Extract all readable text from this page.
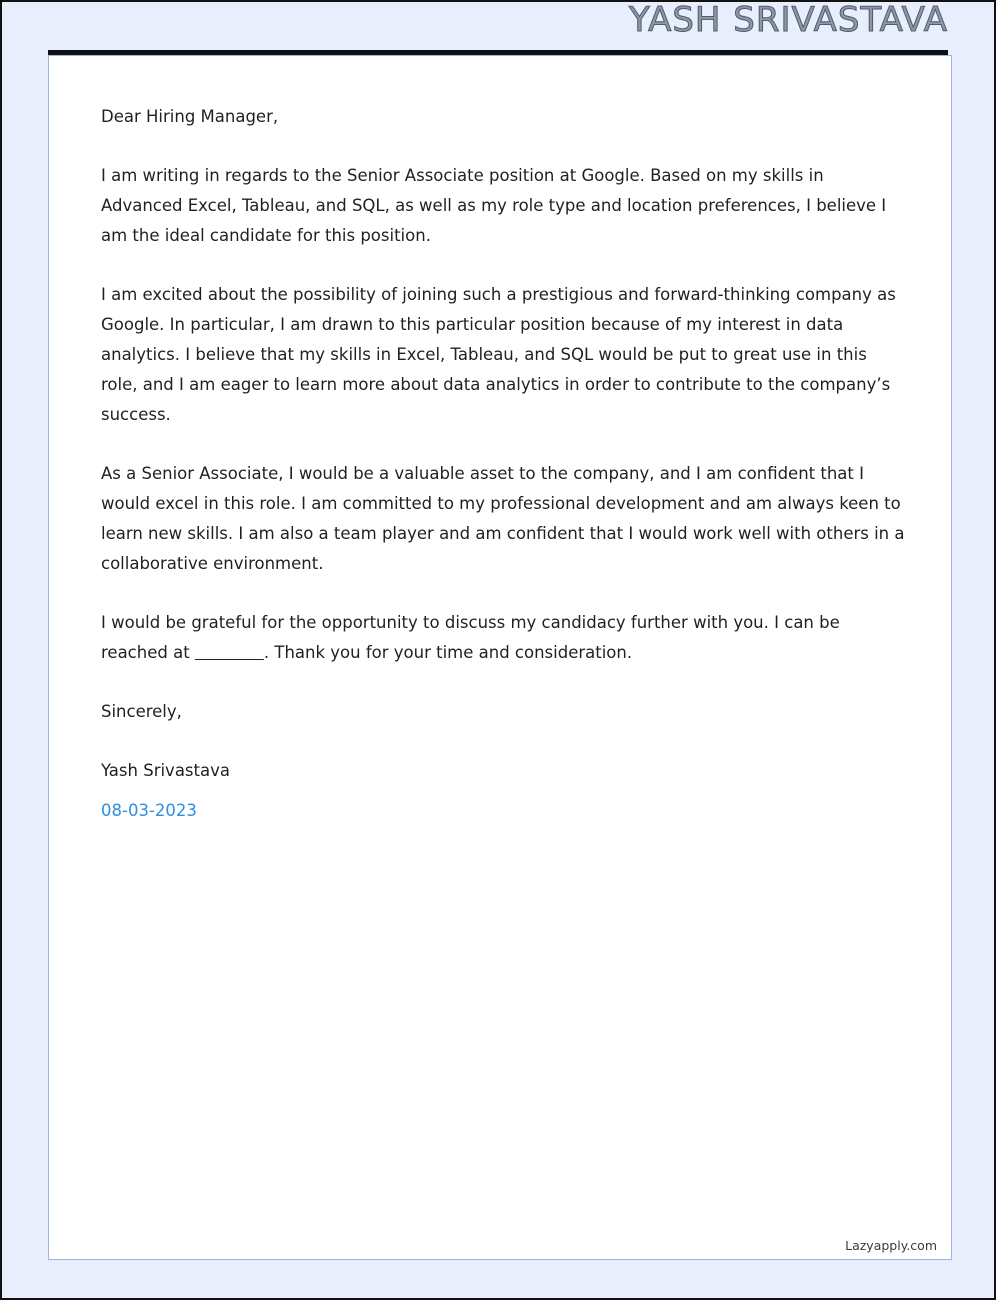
YASH SRIVASTAVA

Dear Hiring Manager,

I am writing in regards to the Senior Associate position at Google. Based on my skills in Advanced Excel, Tableau, and SQL, as well as my role type and location preferences, I believe I am the ideal candidate for this position.

I am excited about the possibility of joining such a prestigious and forward-thinking company as Google. In particular, I am drawn to this particular position because of my interest in data analytics. I believe that my skills in Excel, Tableau, and SQL would be put to great use in this role, and I am eager to learn more about data analytics in order to contribute to the company’s success.

As a Senior Associate, I would be a valuable asset to the company, and I am confident that I would excel in this role. I am committed to my professional development and am always keen to learn new skills. I am also a team player and am confident that I would work well with others in a collaborative environment.

I would be grateful for the opportunity to discuss my candidacy further with you. I can be reached at	. Thank you for your time and consideration.

Sincerely,

Yash Srivastava

08-03-2023

Lazyapply.com
